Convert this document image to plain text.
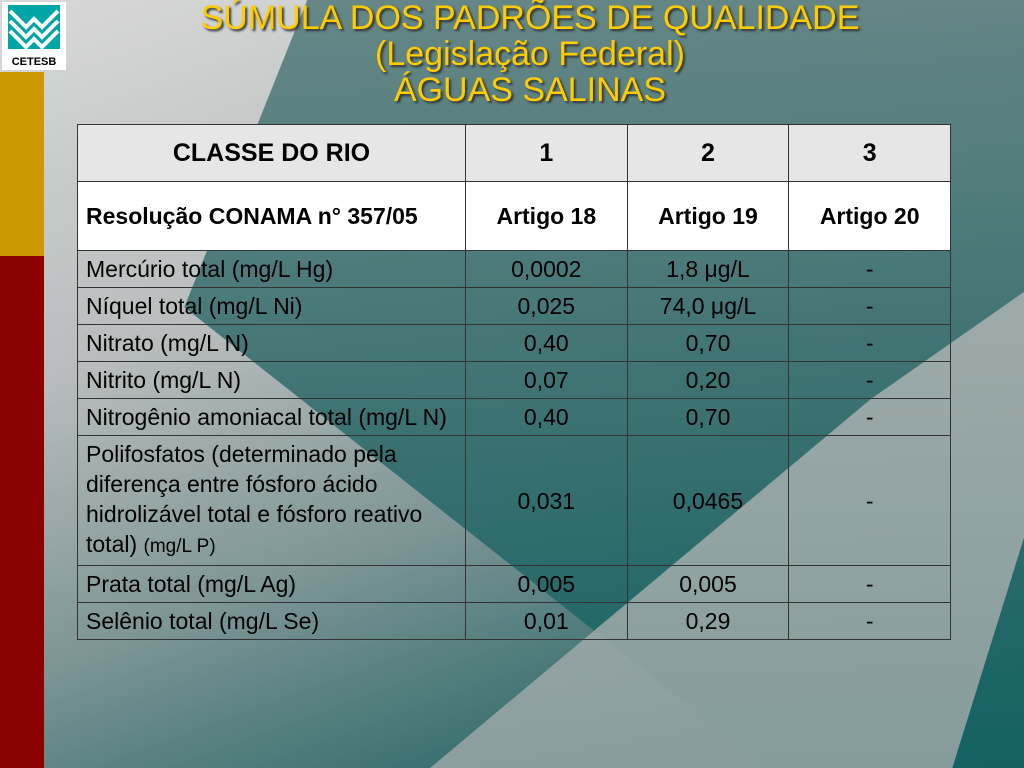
CETESB
SÚMULA DOS PADRÕES DE QUALIDADE
(Legislação Federal)
ÁGUAS SALINAS
CLASSE DO RIO	1	2	3
Resolução CONAMA n° 357/05	Artigo 18	Artigo 19	Artigo 20
Mercúrio total (mg/L Hg)	0,0002	1,8 μg/L	-
Níquel total (mg/L Ni)	0,025	74,0 μg/L	-
Nitrato (mg/L N)	0,40	0,70	-
Nitrito (mg/L N)	0,07	0,20	-
Nitrogênio amoniacal total (mg/L N)	0,40	0,70	-
Polifosfatos (determinado pela diferença entre fósforo ácido hidrolizável total e fósforo reativo total) (mg/L P)	0,031	0,0465	-
Prata total (mg/L Ag)	0,005	0,005	-
Selênio total (mg/L Se)	0,01	0,29	-
